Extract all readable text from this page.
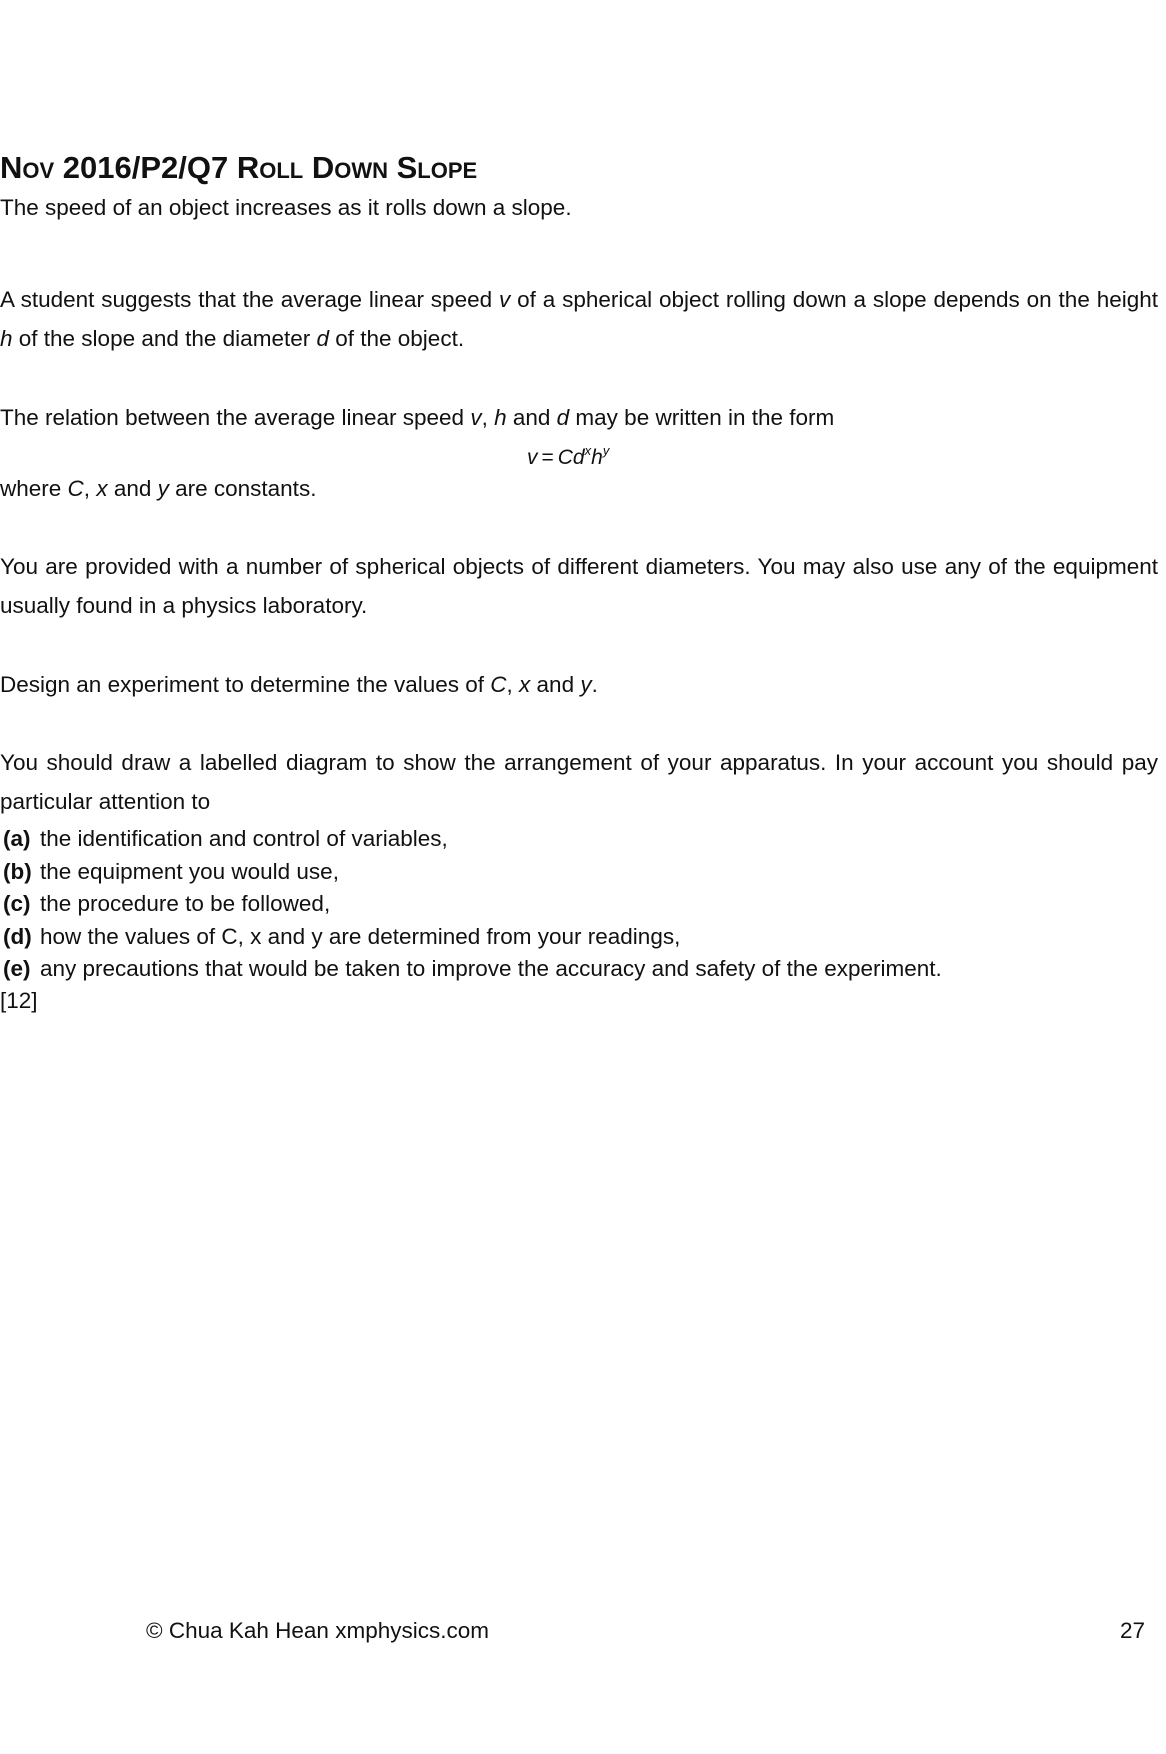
Nov 2016/P2/Q7 Roll Down Slope
The speed of an object increases as it rolls down a slope.
A student suggests that the average linear speed v of a spherical object rolling down a slope depends on the height h of the slope and the diameter d of the object.
The relation between the average linear speed v, h and d may be written in the form
$v = Cd^xh^y$
where C, x and y are constants.
You are provided with a number of spherical objects of different diameters. You may also use any of the equipment usually found in a physics laboratory.
Design an experiment to determine the values of C, x and y.
You should draw a labelled diagram to show the arrangement of your apparatus. In your account you should pay particular attention to
(a) the identification and control of variables,
(b) the equipment you would use,
(c) the procedure to be followed,
(d) how the values of C, x and y are determined from your readings,
(e) any precautions that would be taken to improve the accuracy and safety of the experiment.
[12]
© Chua Kah Hean xmphysics.com	27
